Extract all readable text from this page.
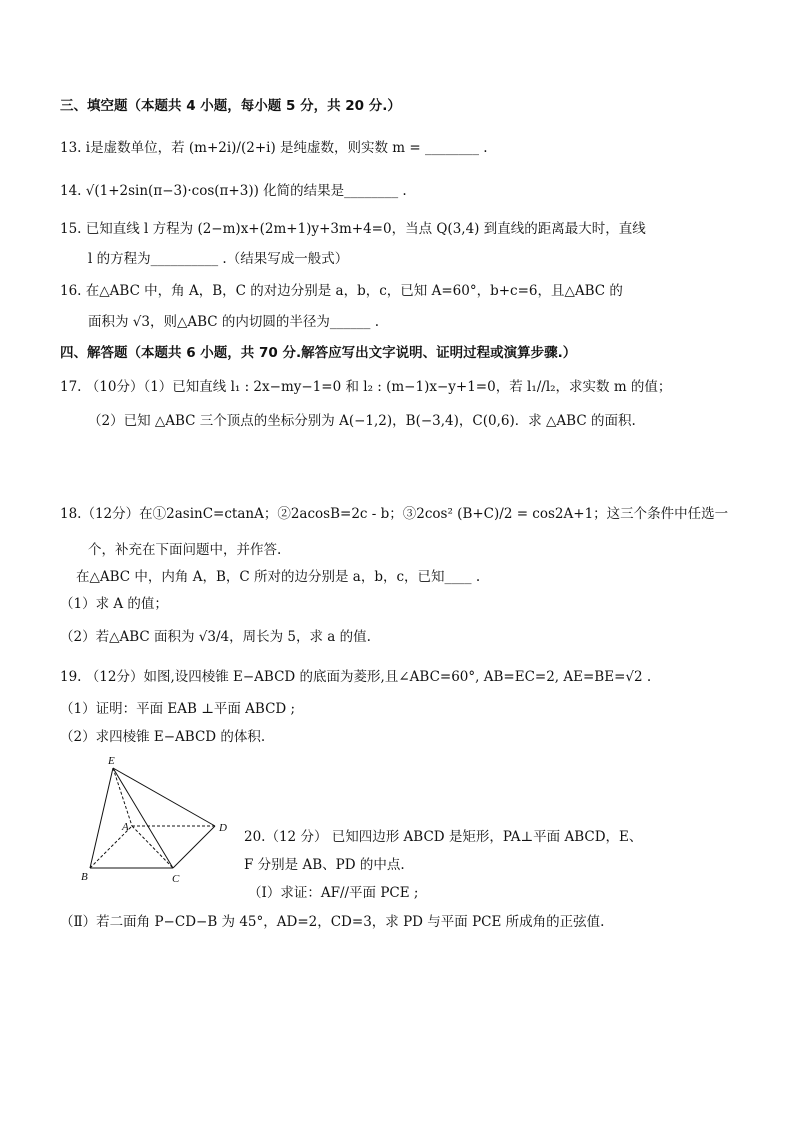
三、填空题（本题共 4 小题，每小题 5 分，共 20 分.）
13. i是虚数单位，若 (m+2i)/(2+i) 是纯虚数，则实数 m = ________ .
14. √(1+2sin(π−3)·cos(π+3)) 化简的结果是________ .
15. 已知直线 l 方程为 (2−m)x+(2m+1)y+3m+4=0，当点 Q(3,4) 到直线的距离最大时，直线
l 的方程为__________ .（结果写成一般式）
16. 在△ABC 中，角 A，B，C 的对边分别是 a，b，c，已知 A=60°，b+c=6，且△ABC 的
面积为 √3，则△ABC 的内切圆的半径为______ .
四、解答题（本题共 6 小题，共 70 分.解答应写出文字说明、证明过程或演算步骤.）
17. （10分）（1）已知直线 l₁ : 2x−my−1=0 和 l₂ : (m−1)x−y+1=0，若 l₁//l₂，求实数 m 的值；
（2）已知 △ABC 三个顶点的坐标分别为 A(−1,2)，B(−3,4)，C(0,6)．求 △ABC 的面积.
18.（12分）在①2asinC=ctanA；②2acosB=2c - b；③2cos² (B+C)/2 = cos2A+1；这三个条件中任选一
个，补充在下面问题中，并作答.
在△ABC 中，内角 A，B，C 所对的边分别是 a，b，c，已知____ .
（1）求 A 的值；
（2）若△ABC 面积为 √3/4，周长为 5，求 a 的值.
19. （12分）如图,设四棱锥 E−ABCD 的底面为菱形,且∠ABC=60°, AB=EC=2, AE=BE=√2 .
（1）证明：平面 EAB ⊥平面 ABCD ;
（2）求四棱锥 E−ABCD 的体积.
E
A
B	C
D
20.（12 分） 已知四边形 ABCD 是矩形，PA⊥平面 ABCD，E、
F 分别是 AB、PD 的中点.
（Ⅰ）求证：AF//平面 PCE ;
（Ⅱ）若二面角 P−CD−B 为 45°，AD=2，CD=3，求 PD 与平面 PCE 所成角的正弦值.
